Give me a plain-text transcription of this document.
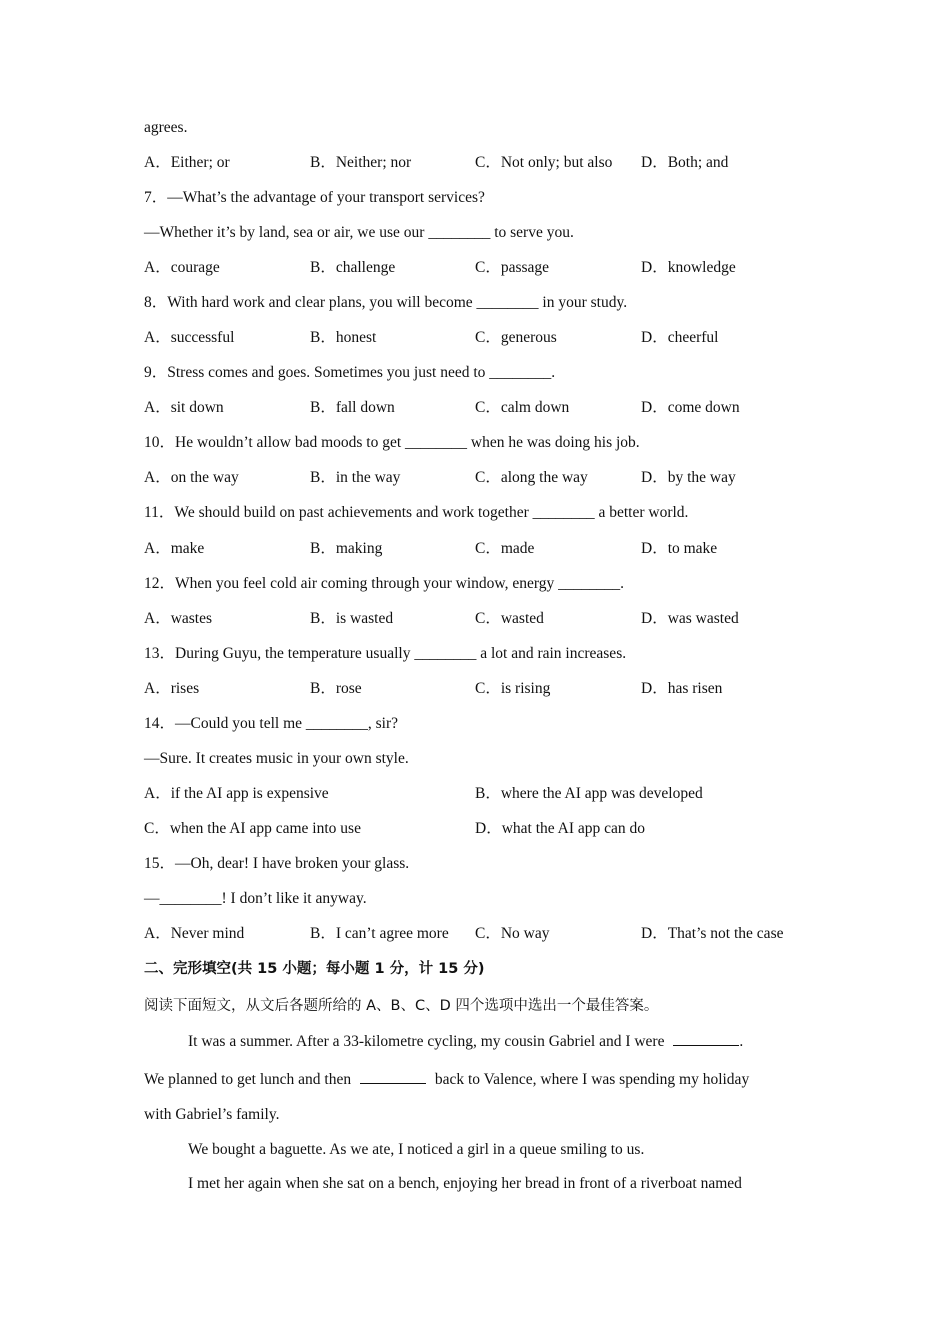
agrees.
A．Either; or	B．Neither; nor	C．Not only; but also D．Both; and
7．—What’s the advantage of your transport services?
—Whether it’s by land, sea or air, we use our ________ to serve you.
A．courage	B．challenge	C．passage	D．knowledge
8．With hard work and clear plans, you will become ________ in your study.
A．successful	B．honest	C．generous	D．cheerful
9．Stress comes and goes. Sometimes you just need to ________.
A．sit down	B．fall down	C．calm down	D．come down
10．He wouldn’t allow bad moods to get ________ when he was doing his job.
A．on the way	B．in the way	C．along the way	D．by the way
11．We should build on past achievements and work together ________ a better world.
A．make	B．making	C．made	D．to make
12．When you feel cold air coming through your window, energy ________.
A．wastes	B．is wasted	C．wasted	D．was wasted
13．During Guyu, the temperature usually ________ a lot and rain increases.
A．rises	B．rose	C．is rising	D．has risen
14．—Could you tell me ________, sir?
—Sure. It creates music in your own style.
A．if the AI app is expensive	B．where the AI app was developed
C．when the AI app came into use	D．what the AI app can do
15．—Oh, dear! I have broken your glass.
—________! I don’t like it anyway.
A．Never mind	B．I can’t agree more C．No way	D．That’s not the case
二、完形填空(共 15 小题；每小题 1 分，计 15 分)
阅读下面短文，从文后各题所给的 A、B、C、D 四个选项中选出一个最佳答案。
It was a summer. After a 33-kilometre cycling, my cousin Gabriel and I were	.
We planned to get lunch and then	back to Valence, where I was spending my holiday
with Gabriel’s family.
We bought a baguette. As we ate, I noticed a girl in a queue smiling to us.
I met her again when she sat on a bench, enjoying her bread in front of a riverboat named
